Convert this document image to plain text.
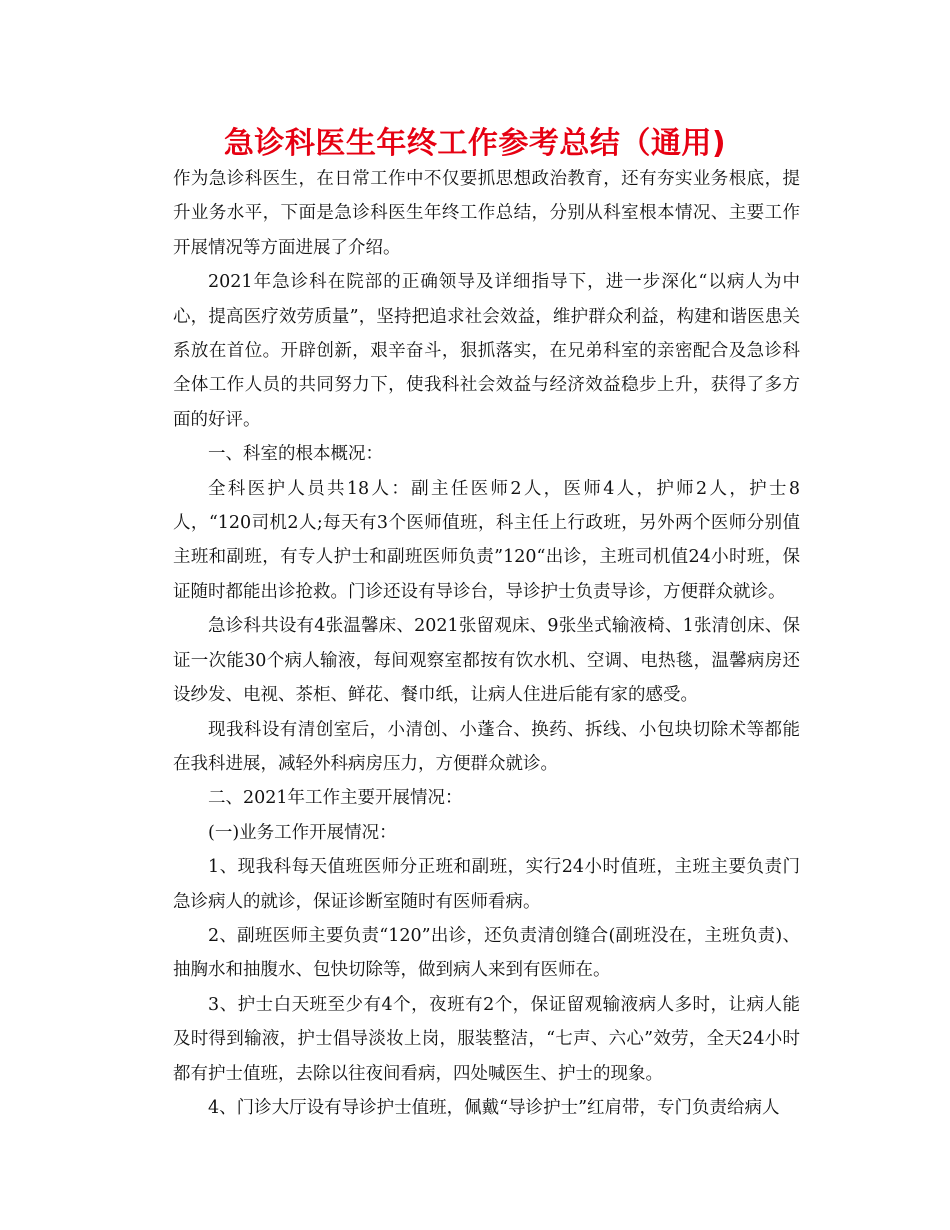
急诊科医生年终工作参考总结（通用)

作为急诊科医生，在日常工作中不仅要抓思想政治教育，还有夯实业务根底，提升业务水平，下面是急诊科医生年终工作总结，分别从科室根本情况、主要工作开展情况等方面进展了介绍。

2021年急诊科在院部的正确领导及详细指导下，进一步深化“以病人为中心，提高医疗效劳质量”，坚持把追求社会效益，维护群众利益，构建和谐医患关系放在首位。开辟创新，艰辛奋斗，狠抓落实，在兄弟科室的亲密配合及急诊科全体工作人员的共同努力下，使我科社会效益与经济效益稳步上升，获得了多方面的好评。

一、科室的根本概况：

全科医护人员共18人：副主任医师2人，医师4人，护师2人，护士8人，“120司机2人;每天有3个医师值班，科主任上行政班，另外两个医师分别值主班和副班，有专人护士和副班医师负责”120“出诊，主班司机值24小时班，保证随时都能出诊抢救。门诊还设有导诊台，导诊护士负责导诊，方便群众就诊。

急诊科共设有4张温馨床、2021张留观床、9张坐式输液椅、1张清创床、保证一次能30个病人输液，每间观察室都按有饮水机、空调、电热毯，温馨病房还设纱发、电视、茶柜、鲜花、餐巾纸，让病人住进后能有家的感受。

现我科设有清创室后，小清创、小蓬合、换药、拆线、小包块切除术等都能在我科进展，减轻外科病房压力，方便群众就诊。

二、2021年工作主要开展情况：

(一)业务工作开展情况：

1、现我科每天值班医师分正班和副班，实行24小时值班，主班主要负责门急诊病人的就诊，保证诊断室随时有医师看病。

2、副班医师主要负责“120”出诊，还负责清创缝合(副班没在，主班负责)、抽胸水和抽腹水、包快切除等，做到病人来到有医师在。

3、护士白天班至少有4个，夜班有2个，保证留观输液病人多时，让病人能及时得到输液，护士倡导淡妆上岗，服装整洁，“七声、六心”效劳，全天24小时都有护士值班，去除以往夜间看病，四处喊医生、护士的现象。

4、门诊大厅设有导诊护士值班，佩戴“导诊护士”红肩带，专门负责给病人
